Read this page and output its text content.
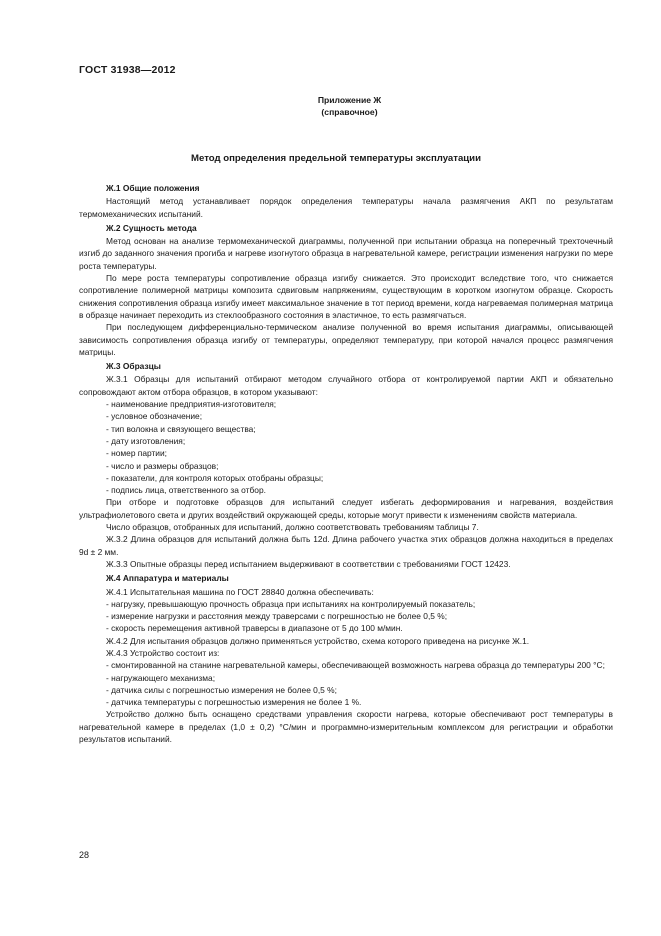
ГОСТ 31938—2012
Приложение Ж
(справочное)
Метод определения предельной температуры эксплуатации

Ж.1 Общие положения

Настоящий метод устанавливает порядок определения температуры начала размягчения АКП по результатам термомеханических испытаний.

Ж.2 Сущность метода

Метод основан на анализе термомеханической диаграммы, полученной при испытании образца на поперечный трехточечный изгиб до заданного значения прогиба и нагреве изогнутого образца в нагревательной камере, регистрации изменения нагрузки по мере роста температуры.

По мере роста температуры сопротивление образца изгибу снижается. Это происходит вследствие того, что снижается сопротивление полимерной матрицы композита сдвиговым напряжениям, существующим в коротком изогнутом образце. Скорость снижения сопротивления образца изгибу имеет максимальное значение в тот период времени, когда нагреваемая полимерная матрица в образце начинает переходить из стеклообразного состояния в эластичное, то есть размягчаться.

При последующем дифференциально-термическом анализе полученной во время испытания диаграммы, описывающей зависимость сопротивления образца изгибу от температуры, определяют температуру, при которой начался процесс размягчения матрицы.

Ж.3 Образцы

Ж.3.1 Образцы для испытаний отбирают методом случайного отбора от контролируемой партии АКП и обязательно сопровождают актом отбора образцов, в котором указывают:

- наименование предприятия-изготовителя;

- условное обозначение;

- тип волокна и связующего вещества;

- дату изготовления;

- номер партии;

- число и размеры образцов;

- показатели, для контроля которых отобраны образцы;

- подпись лица, ответственного за отбор.

При отборе и подготовке образцов для испытаний следует избегать деформирования и нагревания, воздействия ультрафиолетового света и других воздействий окружающей среды, которые могут привести к изменениям свойств материала.

Число образцов, отобранных для испытаний, должно соответствовать требованиям таблицы 7.

Ж.3.2 Длина образцов для испытаний должна быть 12d. Длина рабочего участка этих образцов должна находиться в пределах 9d ± 2 мм.

Ж.3.3 Опытные образцы перед испытанием выдерживают в соответствии с требованиями ГОСТ 12423.

Ж.4 Аппаратура и материалы

Ж.4.1 Испытательная машина по ГОСТ 28840 должна обеспечивать:

- нагрузку, превышающую прочность образца при испытаниях на контролируемый показатель;

- измерение нагрузки и расстояния между траверсами с погрешностью не более 0,5 %;

- скорость перемещения активной траверсы в диапазоне от 5 до 100 м/мин.

Ж.4.2 Для испытания образцов должно применяться устройство, схема которого приведена на рисунке Ж.1.

Ж.4.3 Устройство состоит из:

- смонтированной на станине нагревательной камеры, обеспечивающей возможность нагрева образца до температуры 200 °С;

- нагружающего механизма;

- датчика силы с погрешностью измерения не более 0,5 %;

- датчика температуры с погрешностью измерения не более 1 %.

Устройство должно быть оснащено средствами управления скорости нагрева, которые обеспечивают рост температуры в нагревательной камере в пределах (1,0 ± 0,2) °С/мин и программно-измерительным комплексом для регистрации и обработки результатов испытаний.

28
